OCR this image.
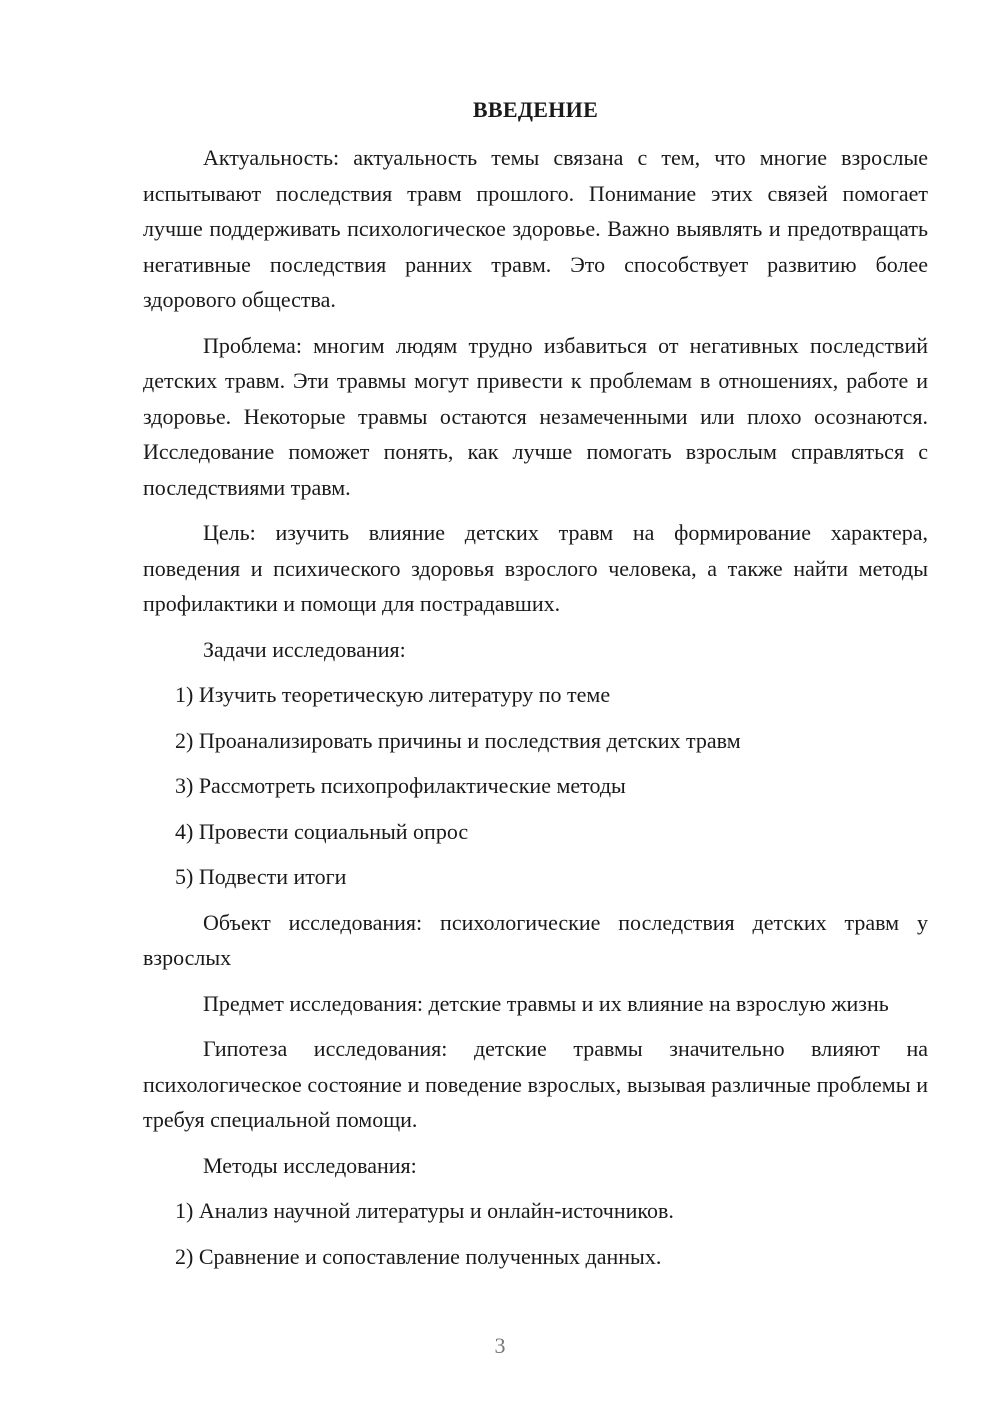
ВВЕДЕНИЕ

Актуальность: актуальность темы связана с тем, что многие взрослые испытывают последствия травм прошлого. Понимание этих связей помогает лучше поддерживать психологическое здоровье. Важно выявлять и предотвращать негативные последствия ранних травм. Это способствует развитию более здорового общества.

Проблема: многим людям трудно избавиться от негативных последствий детских травм. Эти травмы могут привести к проблемам в отношениях, работе и здоровье. Некоторые травмы остаются незамеченными или плохо осознаются. Исследование поможет понять, как лучше помогать взрослым справляться с последствиями травм.

Цель: изучить влияние детских травм на формирование характера, поведения и психического здоровья взрослого человека, а также найти методы профилактики и помощи для пострадавших.

Задачи исследования:

1) Изучить теоретическую литературу по теме
2) Проанализировать причины и последствия детских травм
3) Рассмотреть психопрофилактические методы
4) Провести социальный опрос
5) Подвести итоги

Объект исследования: психологические последствия детских травм у взрослых

Предмет исследования: детские травмы и их влияние на взрослую жизнь

Гипотеза исследования: детские травмы значительно влияют на психологическое состояние и поведение взрослых, вызывая различные проблемы и требуя специальной помощи.

Методы исследования:

1) Анализ научной литературы и онлайн-источников.
2) Сравнение и сопоставление полученных данных.
3
